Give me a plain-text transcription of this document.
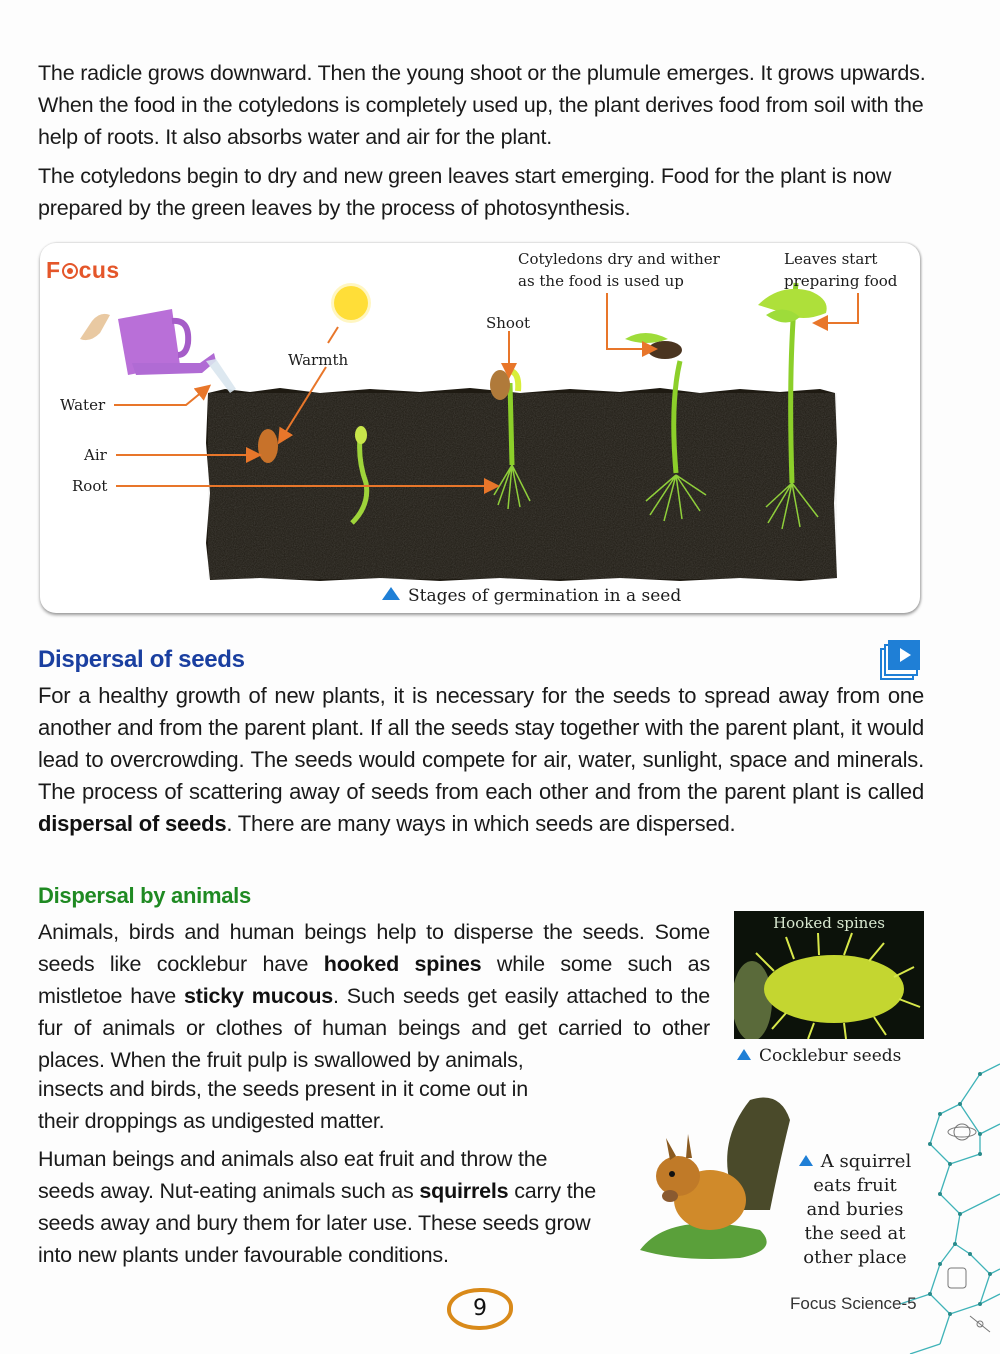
The radicle grows downward. Then the young shoot or the plumule emerges. It grows upwards. When the food in the cotyledons is completely used up, the plant derives food from soil with the help of roots. It also absorbs water and air for the plant.

The cotyledons begin to dry and new green leaves start emerging. Food for the plant is now prepared by the green leaves by the process of photosynthesis.

F cus
Water
Warmth
Air
Root
Shoot
Cotyledons dry and wither
as the food is used up
Leaves start
preparing food
Stages of germination in a seed
Dispersal of seeds

For a healthy growth of new plants, it is necessary for the seeds to spread away from one another and from the parent plant. If all the seeds stay together with the parent plant, it would lead to overcrowding. The seeds would compete for air, water, sunlight, space and minerals. The process of scattering away of seeds from each other and from the parent plant is called dispersal of seeds. There are many ways in which seeds are dispersed.

Dispersal by animals

Animals, birds and human beings help to disperse the seeds. Some seeds like cocklebur have hooked spines while some such as mistletoe have sticky mucous. Such seeds get easily attached to the fur of animals or clothes of human beings and get carried to other places. When the fruit pulp is swallowed by animals,

insects and birds, the seeds present in it come out in
their droppings as undigested matter.

Human beings and animals also eat fruit and throw the seeds away. Nut-eating animals such as squirrels carry the seeds away and bury them for later use. These seeds grow into new plants under favourable conditions.

Hooked spines
Cocklebur seeds
A squirrel
eats fruit
and buries
the seed at
other place
9	Focus Science-5
